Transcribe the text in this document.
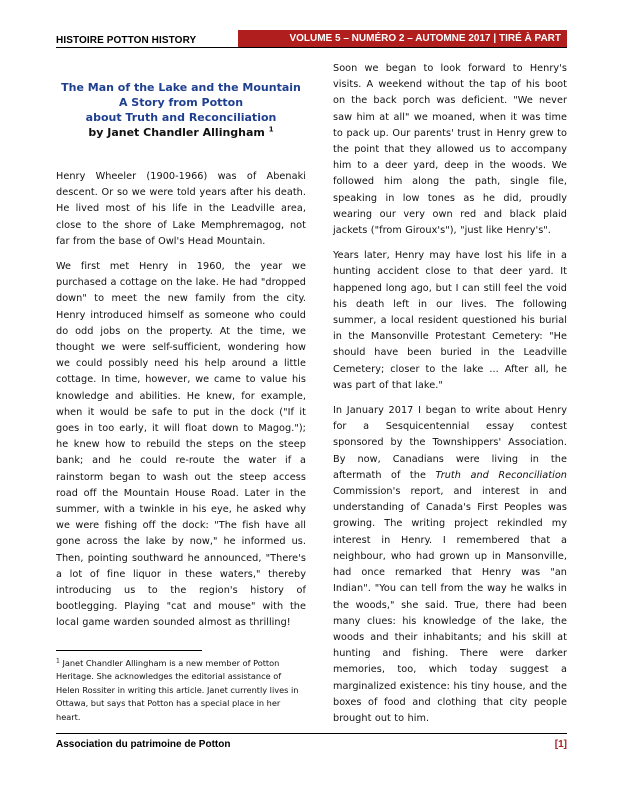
HISTOIRE POTTON HISTORY	VOLUME 5 – NUMÉRO 2 – AUTOMNE 2017 | TIRÉ À PART

The Man of the Lake and the Mountain

A Story from Potton

about Truth and Reconciliation

by Janet Chandler Allingham $^1$

Henry Wheeler (1900-1966) was of Abenaki descent. Or so we were told years after his death. He lived most of his life in the Leadville area, close to the shore of Lake Memphremagog, not far from the base of Owl's Head Mountain.

We first met Henry in 1960, the year we purchased a cottage on the lake. He had "dropped down" to meet the new family from the city. Henry introduced himself as someone who could do odd jobs on the property. At the time, we thought we were self-sufficient, wondering how we could possibly need his help around a little cottage. In time, however, we came to value his knowledge and abilities. He knew, for example, when it would be safe to put in the dock ("If it goes in too early, it will float down to Magog."); he knew how to rebuild the steps on the steep bank; and he could re-route the water if a rainstorm began to wash out the steep access road off the Mountain House Road. Later in the summer, with a twinkle in his eye, he asked why we were fishing off the dock: "The fish have all gone across the lake by now," he informed us. Then, pointing southward he announced, "There's a lot of fine liquor in these waters," thereby introducing us to the region's history of bootlegging. Playing "cat and mouse" with the local game warden sounded almost as thrilling!

Soon we began to look forward to Henry's visits. A weekend without the tap of his boot on the back porch was deficient. "We never saw him at all" we moaned, when it was time to pack up. Our parents' trust in Henry grew to the point that they allowed us to accompany him to a deer yard, deep in the woods. We followed him along the path, single file, speaking in low tones as he did, proudly wearing our very own red and black plaid jackets ("from Giroux's"), "just like Henry's".

Years later, Henry may have lost his life in a hunting accident close to that deer yard. It happened long ago, but I can still feel the void his death left in our lives. The following summer, a local resident questioned his burial in the Mansonville Protestant Cemetery: "He should have been buried in the Leadville Cemetery; closer to the lake ... After all, he was part of that lake."

In January 2017 I began to write about Henry for a Sesquicentennial essay contest sponsored by the Townshippers' Association. By now, Canadians were living in the aftermath of the Truth and Reconciliation Commission's report, and interest in and understanding of Canada's First Peoples was growing. The writing project rekindled my interest in Henry. I remembered that a neighbour, who had grown up in Mansonville, had once remarked that Henry was "an Indian". "You can tell from the way he walks in the woods," she said. True, there had been many clues: his knowledge of the lake, the woods and their inhabitants; and his skill at hunting and fishing. There were darker memories, too, which today suggest a marginalized existence: his tiny house, and the boxes of food and clothing that city people brought out to him.

$^1$ Janet Chandler Allingham is a new member of Potton Heritage. She acknowledges the editorial assistance of Helen Rossiter in writing this article. Janet currently lives in Ottawa, but says that Potton has a special place in her heart.

Association du patrimoine de Potton	[1]
